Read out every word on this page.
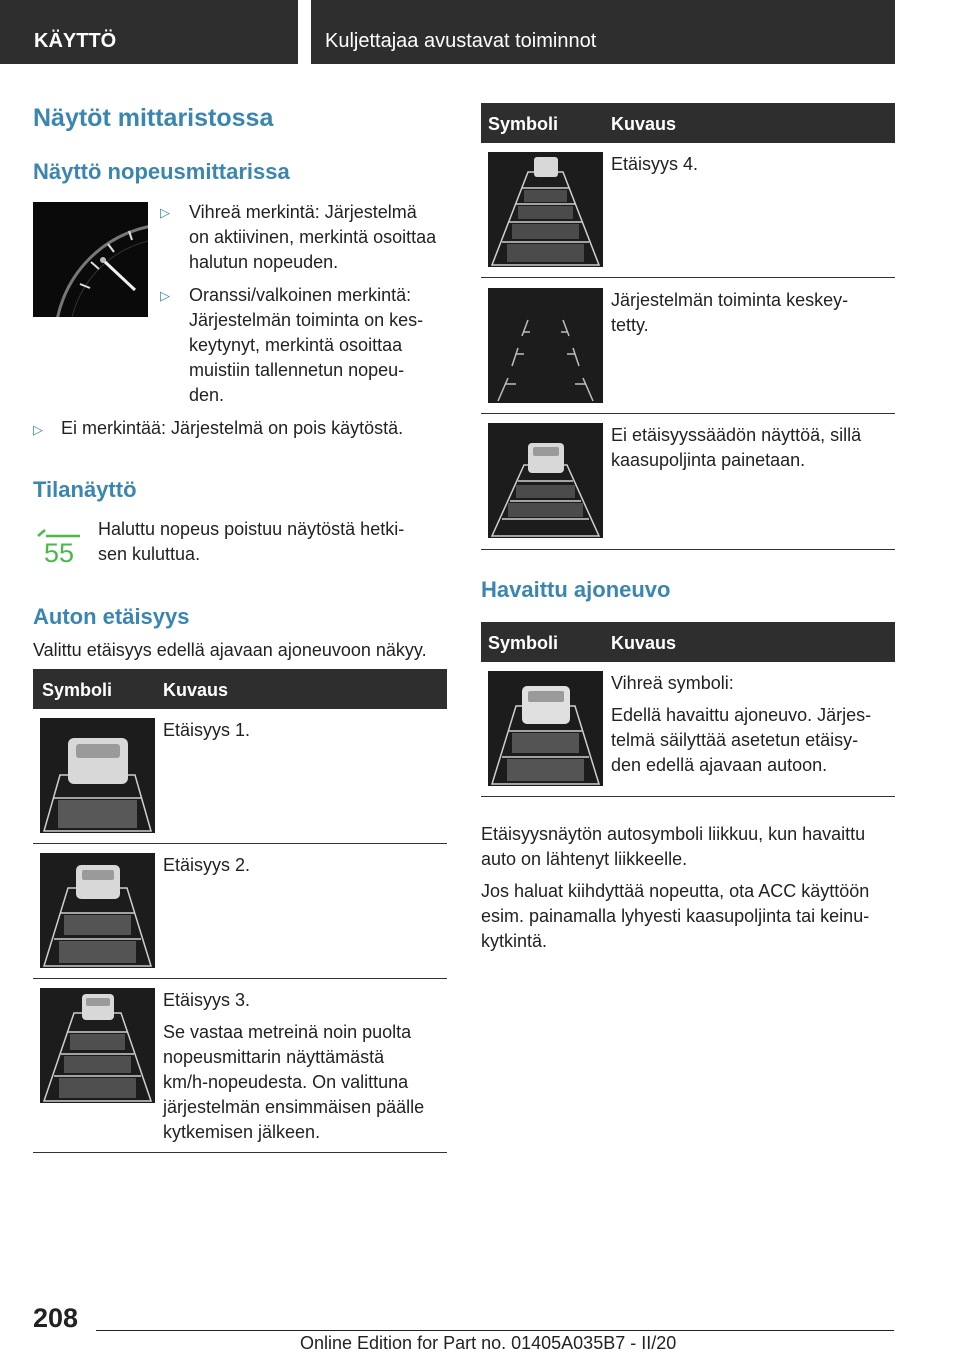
KÄYTTÖ	Kuljettajaa avustavat toiminnot
Näytöt mittaristossa
Näyttö nopeusmittarissa
▷ Vihreä merkintä: Järjestelmä
on aktiivinen, merkintä osoittaa
halutun nopeuden.
▷ Oranssi/valkoinen merkintä:
Järjestelmän toiminta on kes-
keytynyt, merkintä osoittaa
muistiin tallennetun nopeu-
den.
▷ Ei merkintää: Järjestelmä on pois käytöstä.
Tilanäyttö
55
Haluttu nopeus poistuu näytöstä hetki-
sen kuluttua.
Auton etäisyys
Valittu etäisyys edellä ajavaan ajoneuvoon näkyy.
Symboli	Kuvaus
Etäisyys 1.
Etäisyys 2.
Etäisyys 3.
Se vastaa metreinä noin puolta
nopeusmittarin näyttämästä
km/h-nopeudesta. On valittuna
järjestelmän ensimmäisen päälle
kytkemisen jälkeen.
Symboli	Kuvaus
Etäisyys 4.
Järjestelmän toiminta keskey-
tetty.
Ei etäisyyssäädön näyttöä, sillä
kaasupoljinta painetaan.
Havaittu ajoneuvo
Symboli	Kuvaus
Vihreä symboli:
Edellä havaittu ajoneuvo. Järjes-
telmä säilyttää asetetun etäisy-
den edellä ajavaan autoon.
Etäisyysnäytön autosymboli liikkuu, kun havaittu
auto on lähtenyt liikkeelle.
Jos haluat kiihdyttää nopeutta, ota ACC käyttöön
esim. painamalla lyhyesti kaasupoljinta tai keinu-
kytkintä.
208
Online Edition for Part no. 01405A035B7 - II/20
